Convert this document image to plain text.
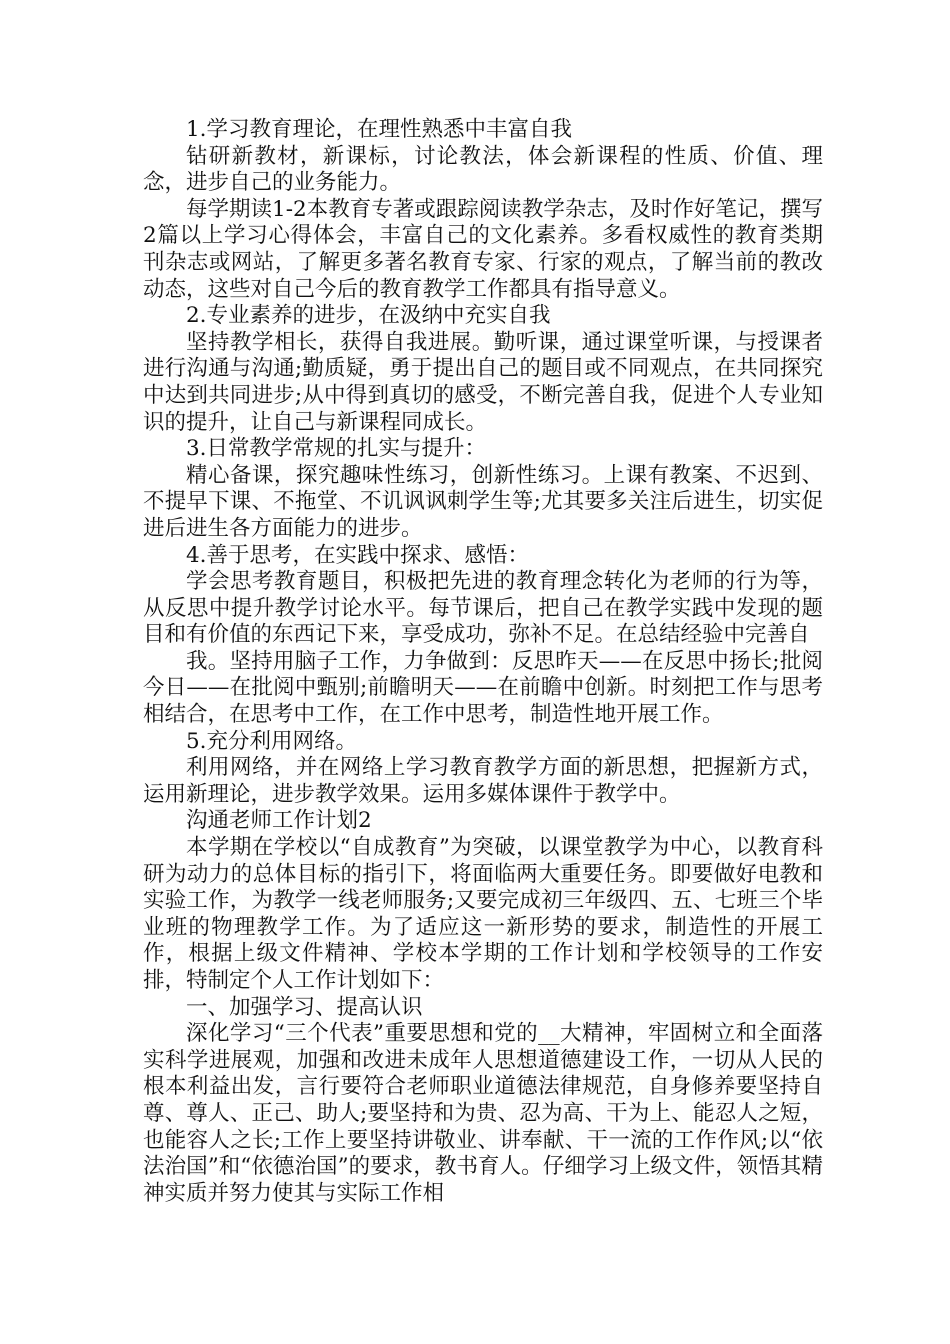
1.学习教育理论，在理性熟悉中丰富自我

钻研新教材，新课标，讨论教法，体会新课程的性质、价值、理念，进步自己的业务能力。

每学期读1-2本教育专著或跟踪阅读教学杂志，及时作好笔记，撰写2篇以上学习心得体会，丰富自己的文化素养。多看权威性的教育类期刊杂志或网站，了解更多著名教育专家、行家的观点，了解当前的教改动态，这些对自己今后的教育教学工作都具有指导意义。

2.专业素养的进步，在汲纳中充实自我

坚持教学相长，获得自我进展。勤听课，通过课堂听课，与授课者进行沟通与沟通;勤质疑，勇于提出自己的题目或不同观点，在共同探究中达到共同进步;从中得到真切的感受，不断完善自我，促进个人专业知识的提升，让自己与新课程同成长。

3.日常教学常规的扎实与提升：

精心备课，探究趣味性练习，创新性练习。上课有教案、不迟到、不提早下课、不拖堂、不讥讽讽刺学生等;尤其要多关注后进生，切实促进后进生各方面能力的进步。

4.善于思考，在实践中探求、感悟：

学会思考教育题目，积极把先进的教育理念转化为老师的行为等，从反思中提升教学讨论水平。每节课后，把自己在教学实践中发现的题目和有价值的东西记下来，享受成功，弥补不足。在总结经验中完善自

我。坚持用脑子工作，力争做到：反思昨天——在反思中扬长;批阅今日——在批阅中甄别;前瞻明天——在前瞻中创新。时刻把工作与思考相结合，在思考中工作，在工作中思考，制造性地开展工作。

5.充分利用网络。

利用网络，并在网络上学习教育教学方面的新思想，把握新方式，运用新理论，进步教学效果。运用多媒体课件于教学中。

沟通老师工作计划2

本学期在学校以“自成教育”为突破，以课堂教学为中心，以教育科研为动力的总体目标的指引下，将面临两大重要任务。即要做好电教和实验工作，为教学一线老师服务;又要完成初三年级四、五、七班三个毕业班的物理教学工作。为了适应这一新形势的要求，制造性的开展工作，根据上级文件精神、学校本学期的工作计划和学校领导的工作安排，特制定个人工作计划如下：

一、加强学习、提高认识

深化学习“三个代表”重要思想和党的__大精神，牢固树立和全面落实科学进展观，加强和改进未成年人思想道德建设工作，一切从人民的根本利益出发，言行要符合老师职业道德法律规范，自身修养要坚持自尊、尊人、正己、助人;要坚持和为贵、忍为高、干为上、能忍人之短，也能容人之长;工作上要坚持讲敬业、讲奉献、干一流的工作作风;以“依法治国”和“依德治国”的要求，教书育人。仔细学习上级文件，领悟其精神实质并努力使其与实际工作相
